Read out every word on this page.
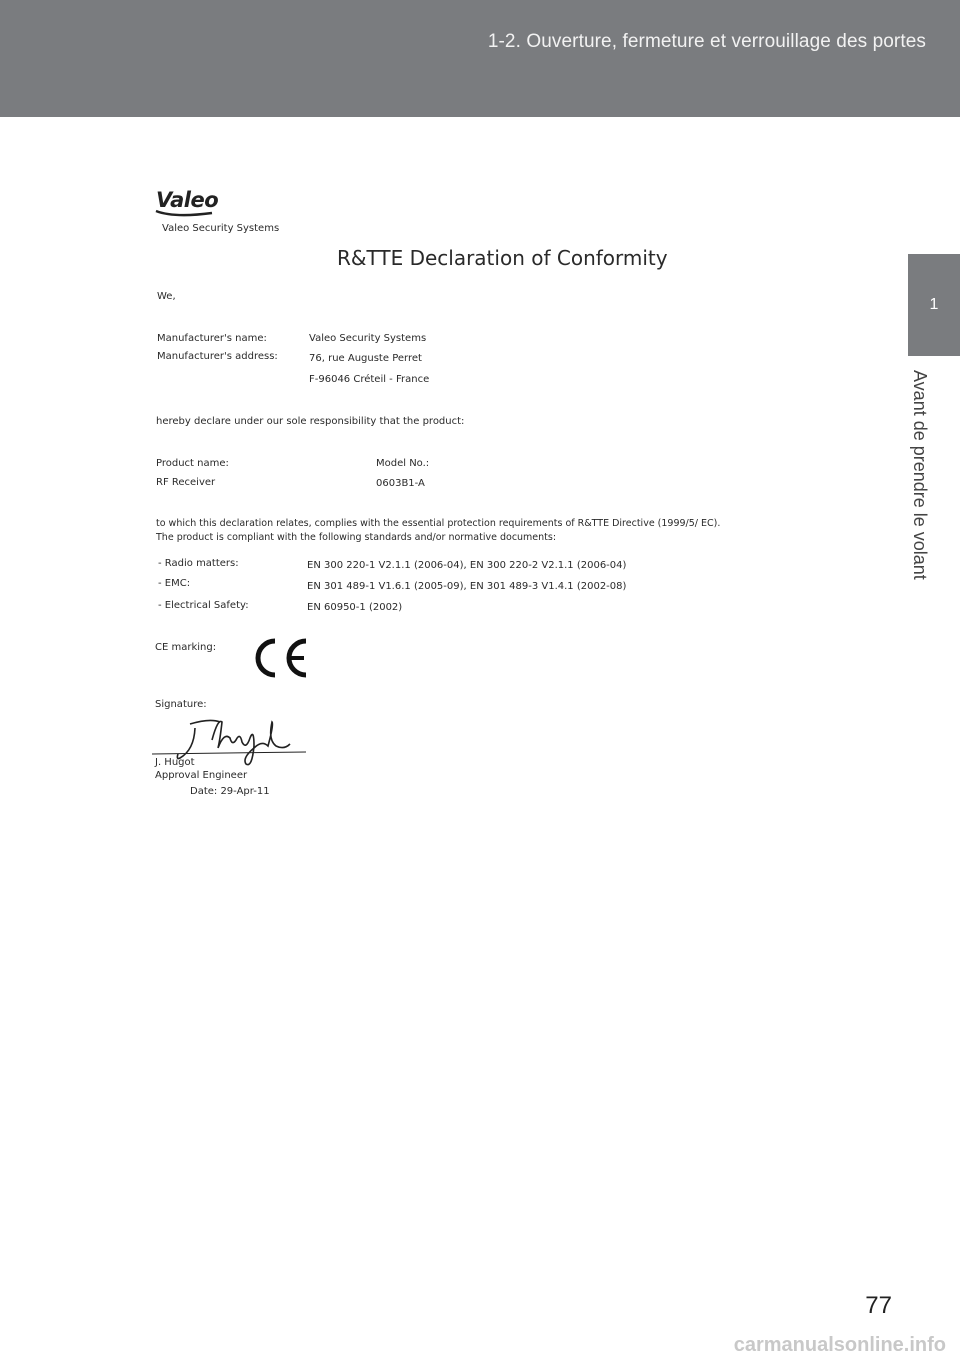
1-2. Ouverture, fermeture et verrouillage des portes
1
Avant de prendre le volant
Valeo
Valeo Security Systems
R&TTE Declaration of Conformity
We,
Manufacturer's name:	Valeo Security Systems
Manufacturer's address:	76, rue Auguste Perret
F-96046 Créteil - France
hereby declare under our sole responsibility that the product:
Product name:
RF Receiver
Model No.:
0603B1-A
to which this declaration relates, complies with the essential protection requirements of R&TTE Directive (1999/5/ EC).
The product is compliant with the following standards and/or normative documents:
- Radio matters:	EN 300 220-1 V2.1.1 (2006-04), EN 300 220-2 V2.1.1 (2006-04)
- EMC:	EN 301 489-1 V1.6.1 (2005-09), EN 301 489-3 V1.4.1 (2002-08)
- Electrical Safety:	EN 60950-1 (2002)
CE marking:
Signature:
J. Hugot
Approval Engineer
Date: 29-Apr-11
77
carmanualsonline.info
